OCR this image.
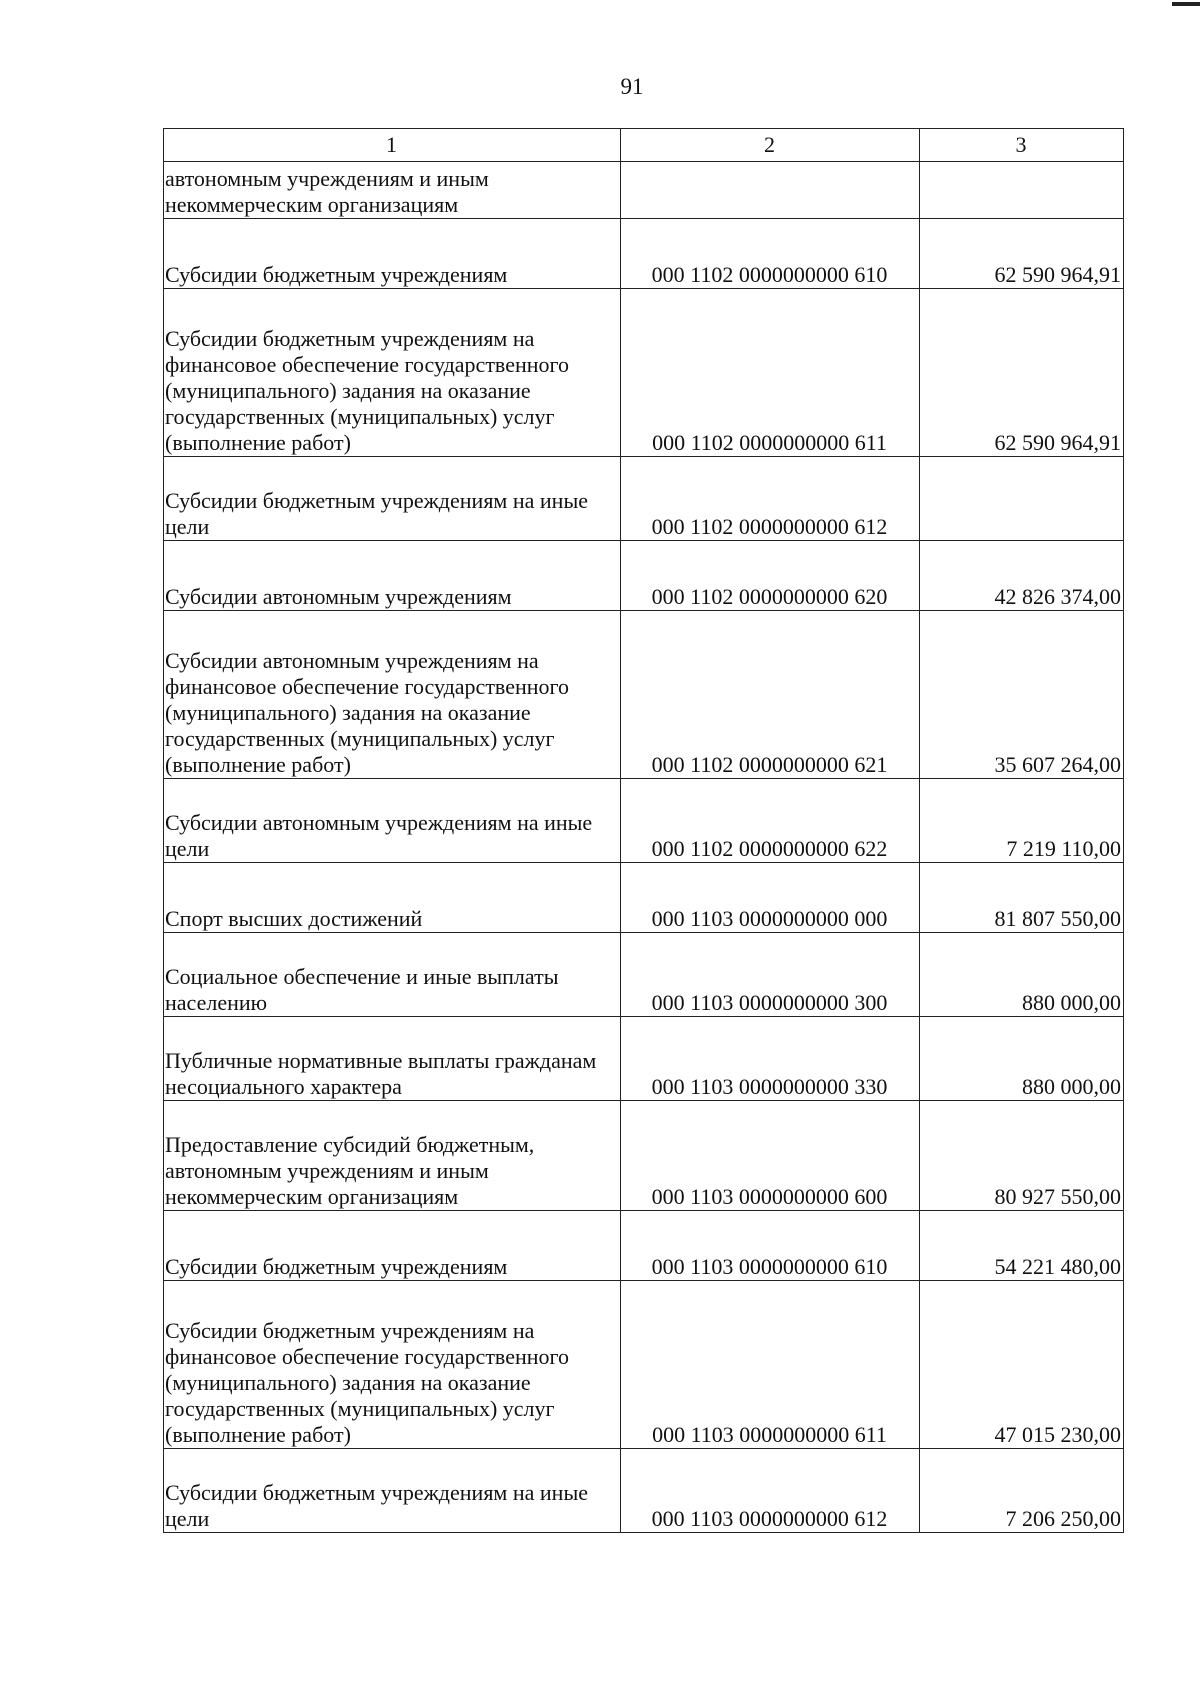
91
1	2	3
автономным учреждениям и иным некоммерческим организациям		
Субсидии бюджетным учреждениям	000 1102 0000000000 610	62 590 964,91
Субсидии бюджетным учреждениям на финансовое обеспечение государственного (муниципального) задания на оказание государственных (муниципальных) услуг (выполнение работ)	000 1102 0000000000 611	62 590 964,91
Субсидии бюджетным учреждениям на иные цели	000 1102 0000000000 612	
Субсидии автономным учреждениям	000 1102 0000000000 620	42 826 374,00
Субсидии автономным учреждениям на финансовое обеспечение государственного (муниципального) задания на оказание государственных (муниципальных) услуг (выполнение работ)	000 1102 0000000000 621	35 607 264,00
Субсидии автономным учреждениям на иные цели	000 1102 0000000000 622	7 219 110,00
Спорт высших достижений	000 1103 0000000000 000	81 807 550,00
Социальное обеспечение и иные выплаты населению	000 1103 0000000000 300	880 000,00
Публичные нормативные выплаты гражданам несоциального характера	000 1103 0000000000 330	880 000,00
Предоставление субсидий бюджетным, автономным учреждениям и иным некоммерческим организациям	000 1103 0000000000 600	80 927 550,00
Субсидии бюджетным учреждениям	000 1103 0000000000 610	54 221 480,00
Субсидии бюджетным учреждениям на финансовое обеспечение государственного (муниципального) задания на оказание государственных (муниципальных) услуг (выполнение работ)	000 1103 0000000000 611	47 015 230,00
Субсидии бюджетным учреждениям на иные цели	000 1103 0000000000 612	7 206 250,00
